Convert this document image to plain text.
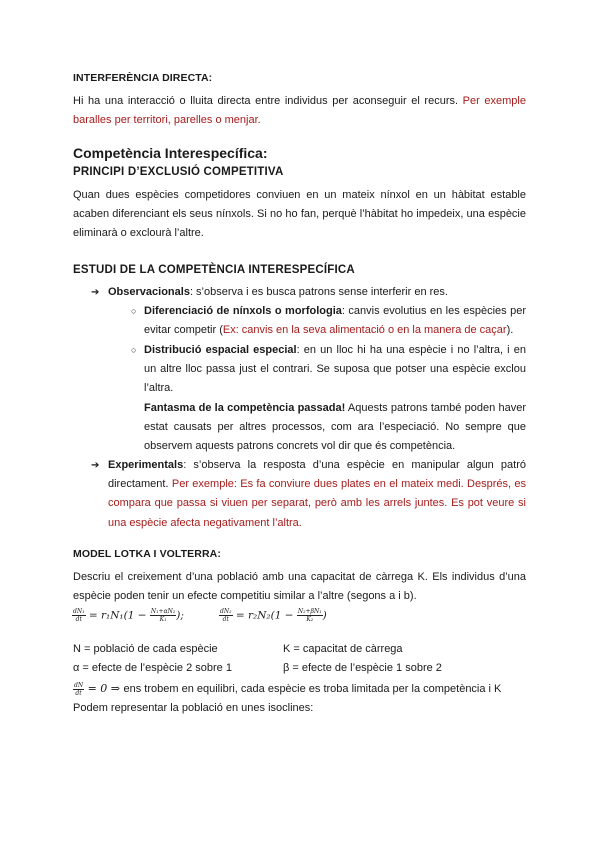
INTERFERÈNCIA DIRECTA:
Hi ha una interacció o lluita directa entre individus per aconseguir el recurs. Per exemple baralles per territori, parelles o menjar.
Competència Interespecífica:
PRINCIPI D’EXCLUSIÓ COMPETITIVA
Quan dues espècies competidores conviuen en un mateix nínxol en un hàbitat estable acaben diferenciant els seus nínxols. Si no ho fan, perquè l’hàbitat ho impedeix, una espècie eliminarà o exclourà l’altre.
ESTUDI DE LA COMPETÈNCIA INTERESPECÍFICA
➔ Observacionals: s’observa i es busca patrons sense interferir en res.
○ Diferenciació de nínxols o morfologia: canvis evolutius en les espècies per evitar competir (Ex: canvis en la seva alimentació o en la manera de caçar).
○ Distribució espacial especial: en un lloc hi ha una espècie i no l’altra, i en un altre lloc passa just el contrari. Se suposa que potser una espècie exclou l’altra.
Fantasma de la competència passada! Aquests patrons també poden haver estat causats per altres processos, com ara l’especiació. No sempre que observem aquests patrons concrets vol dir que és competència.
➔ Experimentals: s’observa la resposta d’una espècie en manipular algun patró directament. Per exemple: Es fa conviure dues plates en el mateix medi. Després, es compara que passa si viuen per separat, però amb les arrels juntes. Es pot veure si una espècie afecta negativament l’altra.
MODEL LOTKA I VOLTERRA:
Descriu el creixement d’una població amb una capacitat de càrrega K. Els individus d’una espècie poden tenir un efecte competitiu similar a l’altre (segons a i b).
$\frac{\text{dN₁}}{dt} = r_1N_1(1 - \frac{\text{N₁+αN₂}}{\text{K₁}}$ );	$\frac{\text{dN₂}}{dt} = r_2N_2(1 - \frac{\text{N₂+βN₁}}{\text{K₂}}$ )
N = població de cada espècie	K = capacitat de càrrega
α = efecte de l’espècie 2 sobre 1	β = efecte de l’espècie 1 sobre 2
$\frac{dN}{dt} = 0$ ⇒ ens trobem en equilibri, cada espècie es troba limitada per la competència i K
Podem representar la població en unes isoclines:
